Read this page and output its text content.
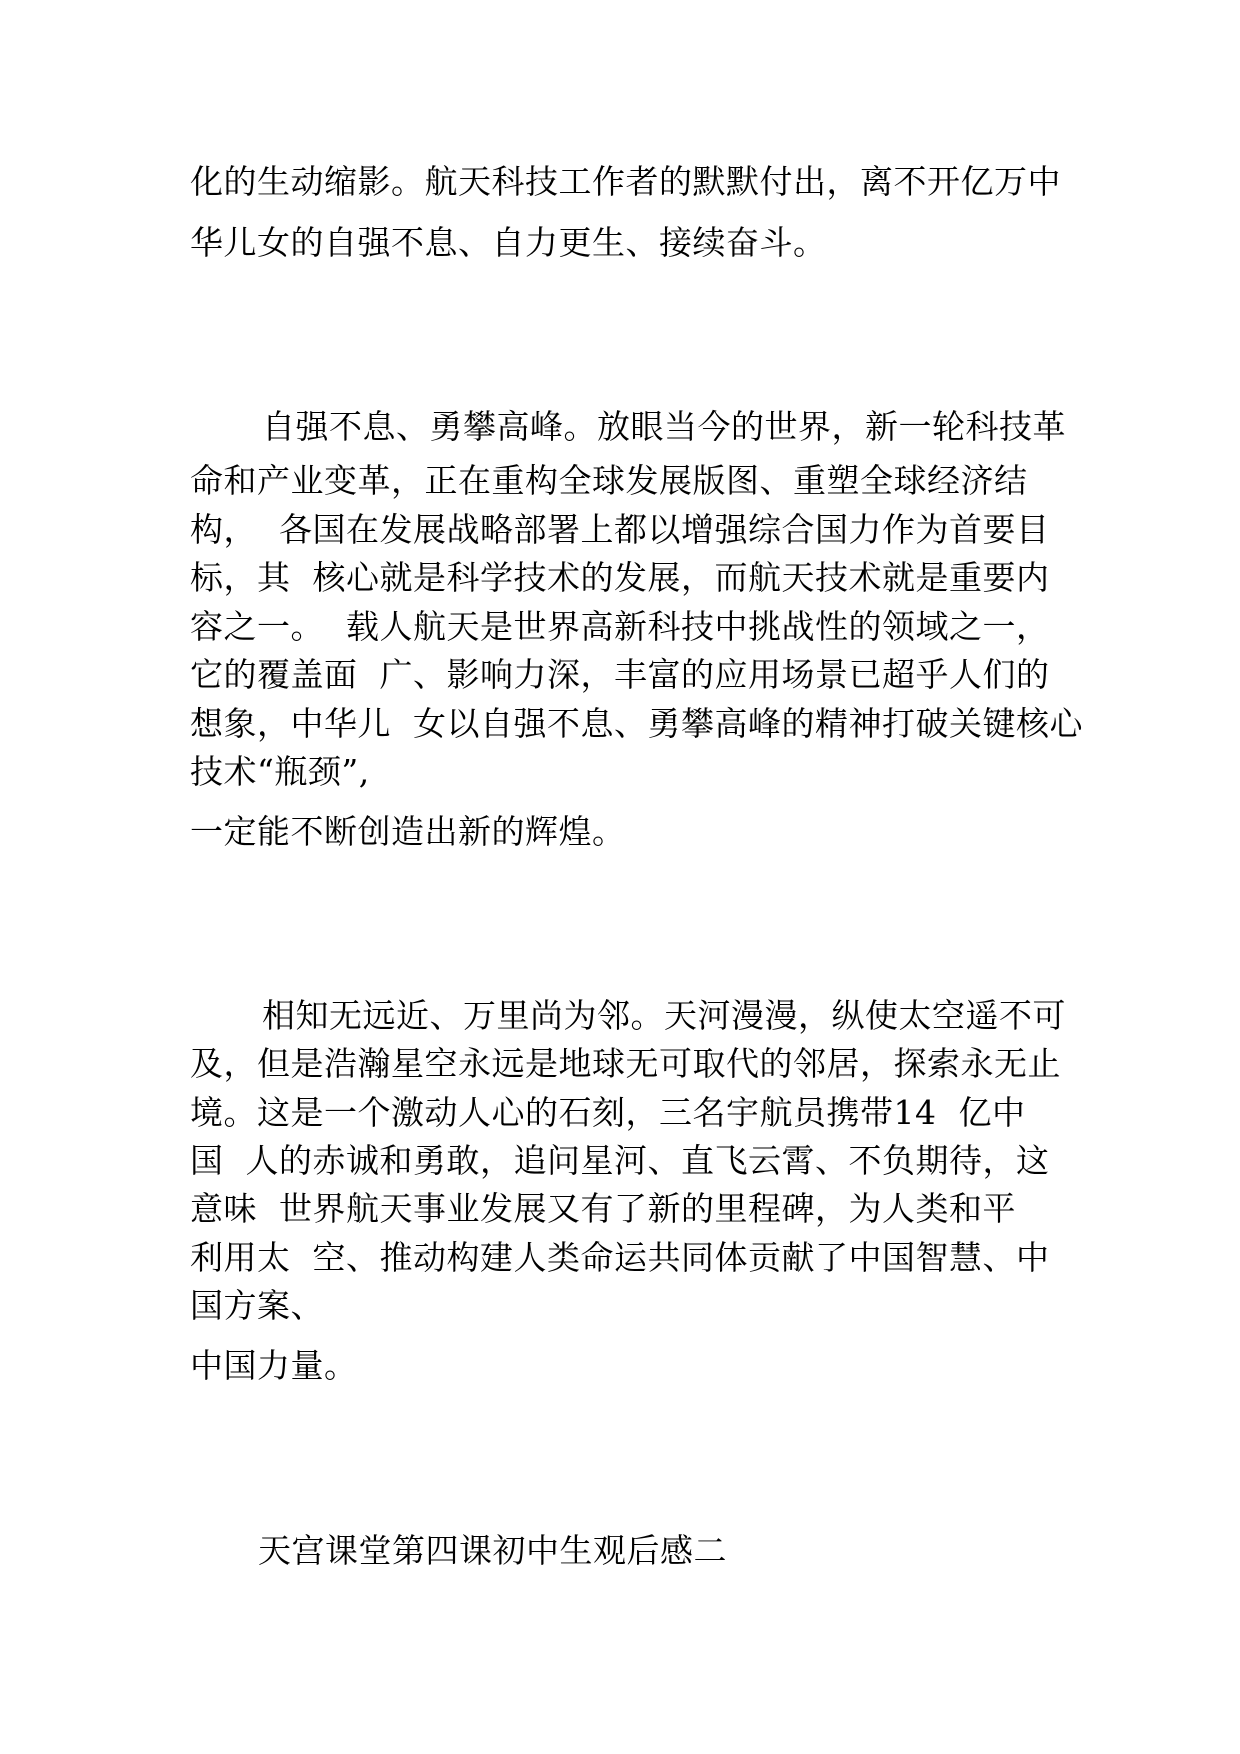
化的生动缩影。航天科技工作者的默默付出，离不开亿万中
华儿女的自强不息、自力更生、接续奋斗。
自强不息、勇攀高峰。放眼当今的世界，新一轮科技革
命和产业变革，正在重构全球发展版图、重塑全球经济结
构，  各国在发展战略部署上都以增强综合国力作为首要目
标，其  核心就是科学技术的发展，而航天技术就是重要内
容之一。  载人航天是世界高新科技中挑战性的领域之一，
它的覆盖面  广、影响力深，丰富的应用场景已超乎人们的
想象，中华儿  女以自强不息、勇攀高峰的精神打破关键核心
技术“瓶颈”,
一定能不断创造出新的辉煌。
相知无远近、万里尚为邻。天河漫漫，纵使太空遥不可
及，但是浩瀚星空永远是地球无可取代的邻居，探索永无止
境。这是一个激动人心的石刻，三名宇航员携带14  亿中
国  人的赤诚和勇敢，追问星河、直飞云霄、不负期待，这
意味  世界航天事业发展又有了新的里程碑，为人类和平
利用太  空、推动构建人类命运共同体贡献了中国智慧、中
国方案、
中国力量。
天宫课堂第四课初中生观后感二
